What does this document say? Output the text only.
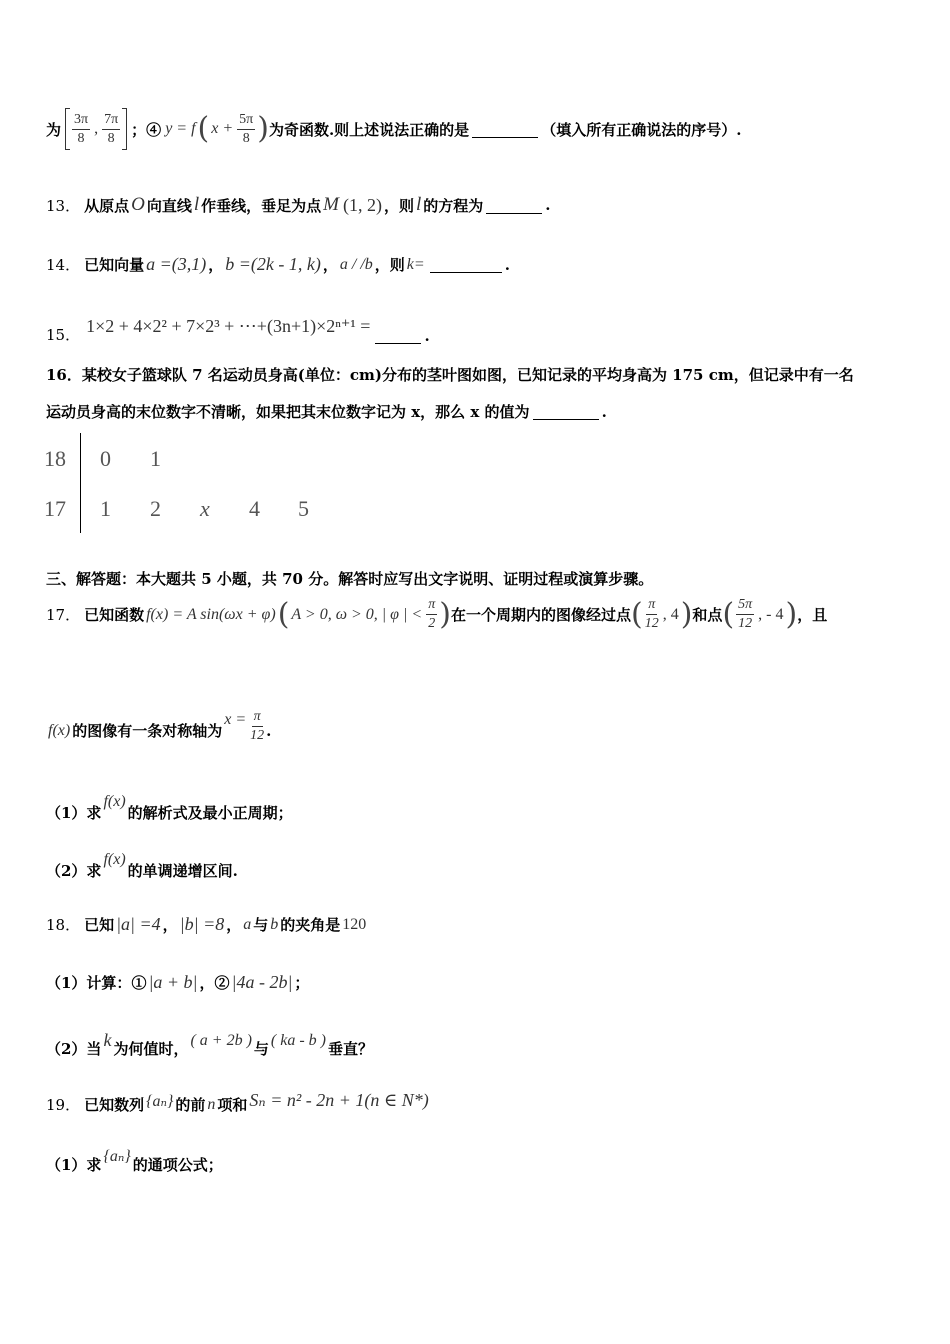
为 $\frac{3\pi}{8}$ , $\frac{7\pi}{8}$ ；④ y = f ( $x + \frac{5\pi}{8}$ ) 为奇函数.则上述说法正确的是	（填入所有正确说法的序号）.
13． 从原点 O 向直线 l 作垂线，垂足为点 M (1, 2) ，则 l 的方程为	.
14． 已知向量 a =(3,1) ， b =(2k - 1, k) ， a / /b ，则 k=	.
15． 1×2 + 4×2² + 7×2³ + ⋯+(3n+1)×2ⁿ⁺¹ =	.
16．某校女子篮球队 7 名运动员身高(单位：cm)分布的茎叶图如图，已知记录的平均身高为 175 cm，但记录中有一名
运动员身高的末位数字不清晰，如果把其末位数字记为 x，那么 x 的值为	.
18 0 1
17 1 2 x 4 5
三、解答题：本大题共 5 小题，共 70 分。解答时应写出文字说明、证明过程或演算步骤。
17． 已知函数 f(x) = A sin(ωx + φ) ( A > 0, ω > 0, | φ | < $\frac{\pi}{2}$ ) 在一个周期内的图像经过点 ( $\frac{\pi}{12}$ , 4 ) 和点 ( $\frac{5\pi}{12}$ , - 4 ) ，且
f(x) 的图像有一条对称轴为
$x = \frac{\pi}{12}$ .
（1）求
f(x)
的解析式及最小正周期；
（2）求
f(x)
的单调递增区间.
18． 已知 |a| =4 ， |b| =8 ， a 与 b 的夹角是 120
（1）计算：① |a + b| ，② |4a - 2b| ；
（2）当 k 为何值时， ( a + 2b ) 与 ( ka - b ) 垂直？
19． 已知数列 {aₙ} 的前 n 项和 Sₙ = n² - 2n + 1(n ∈ N*)
（1）求 {aₙ} 的通项公式；
